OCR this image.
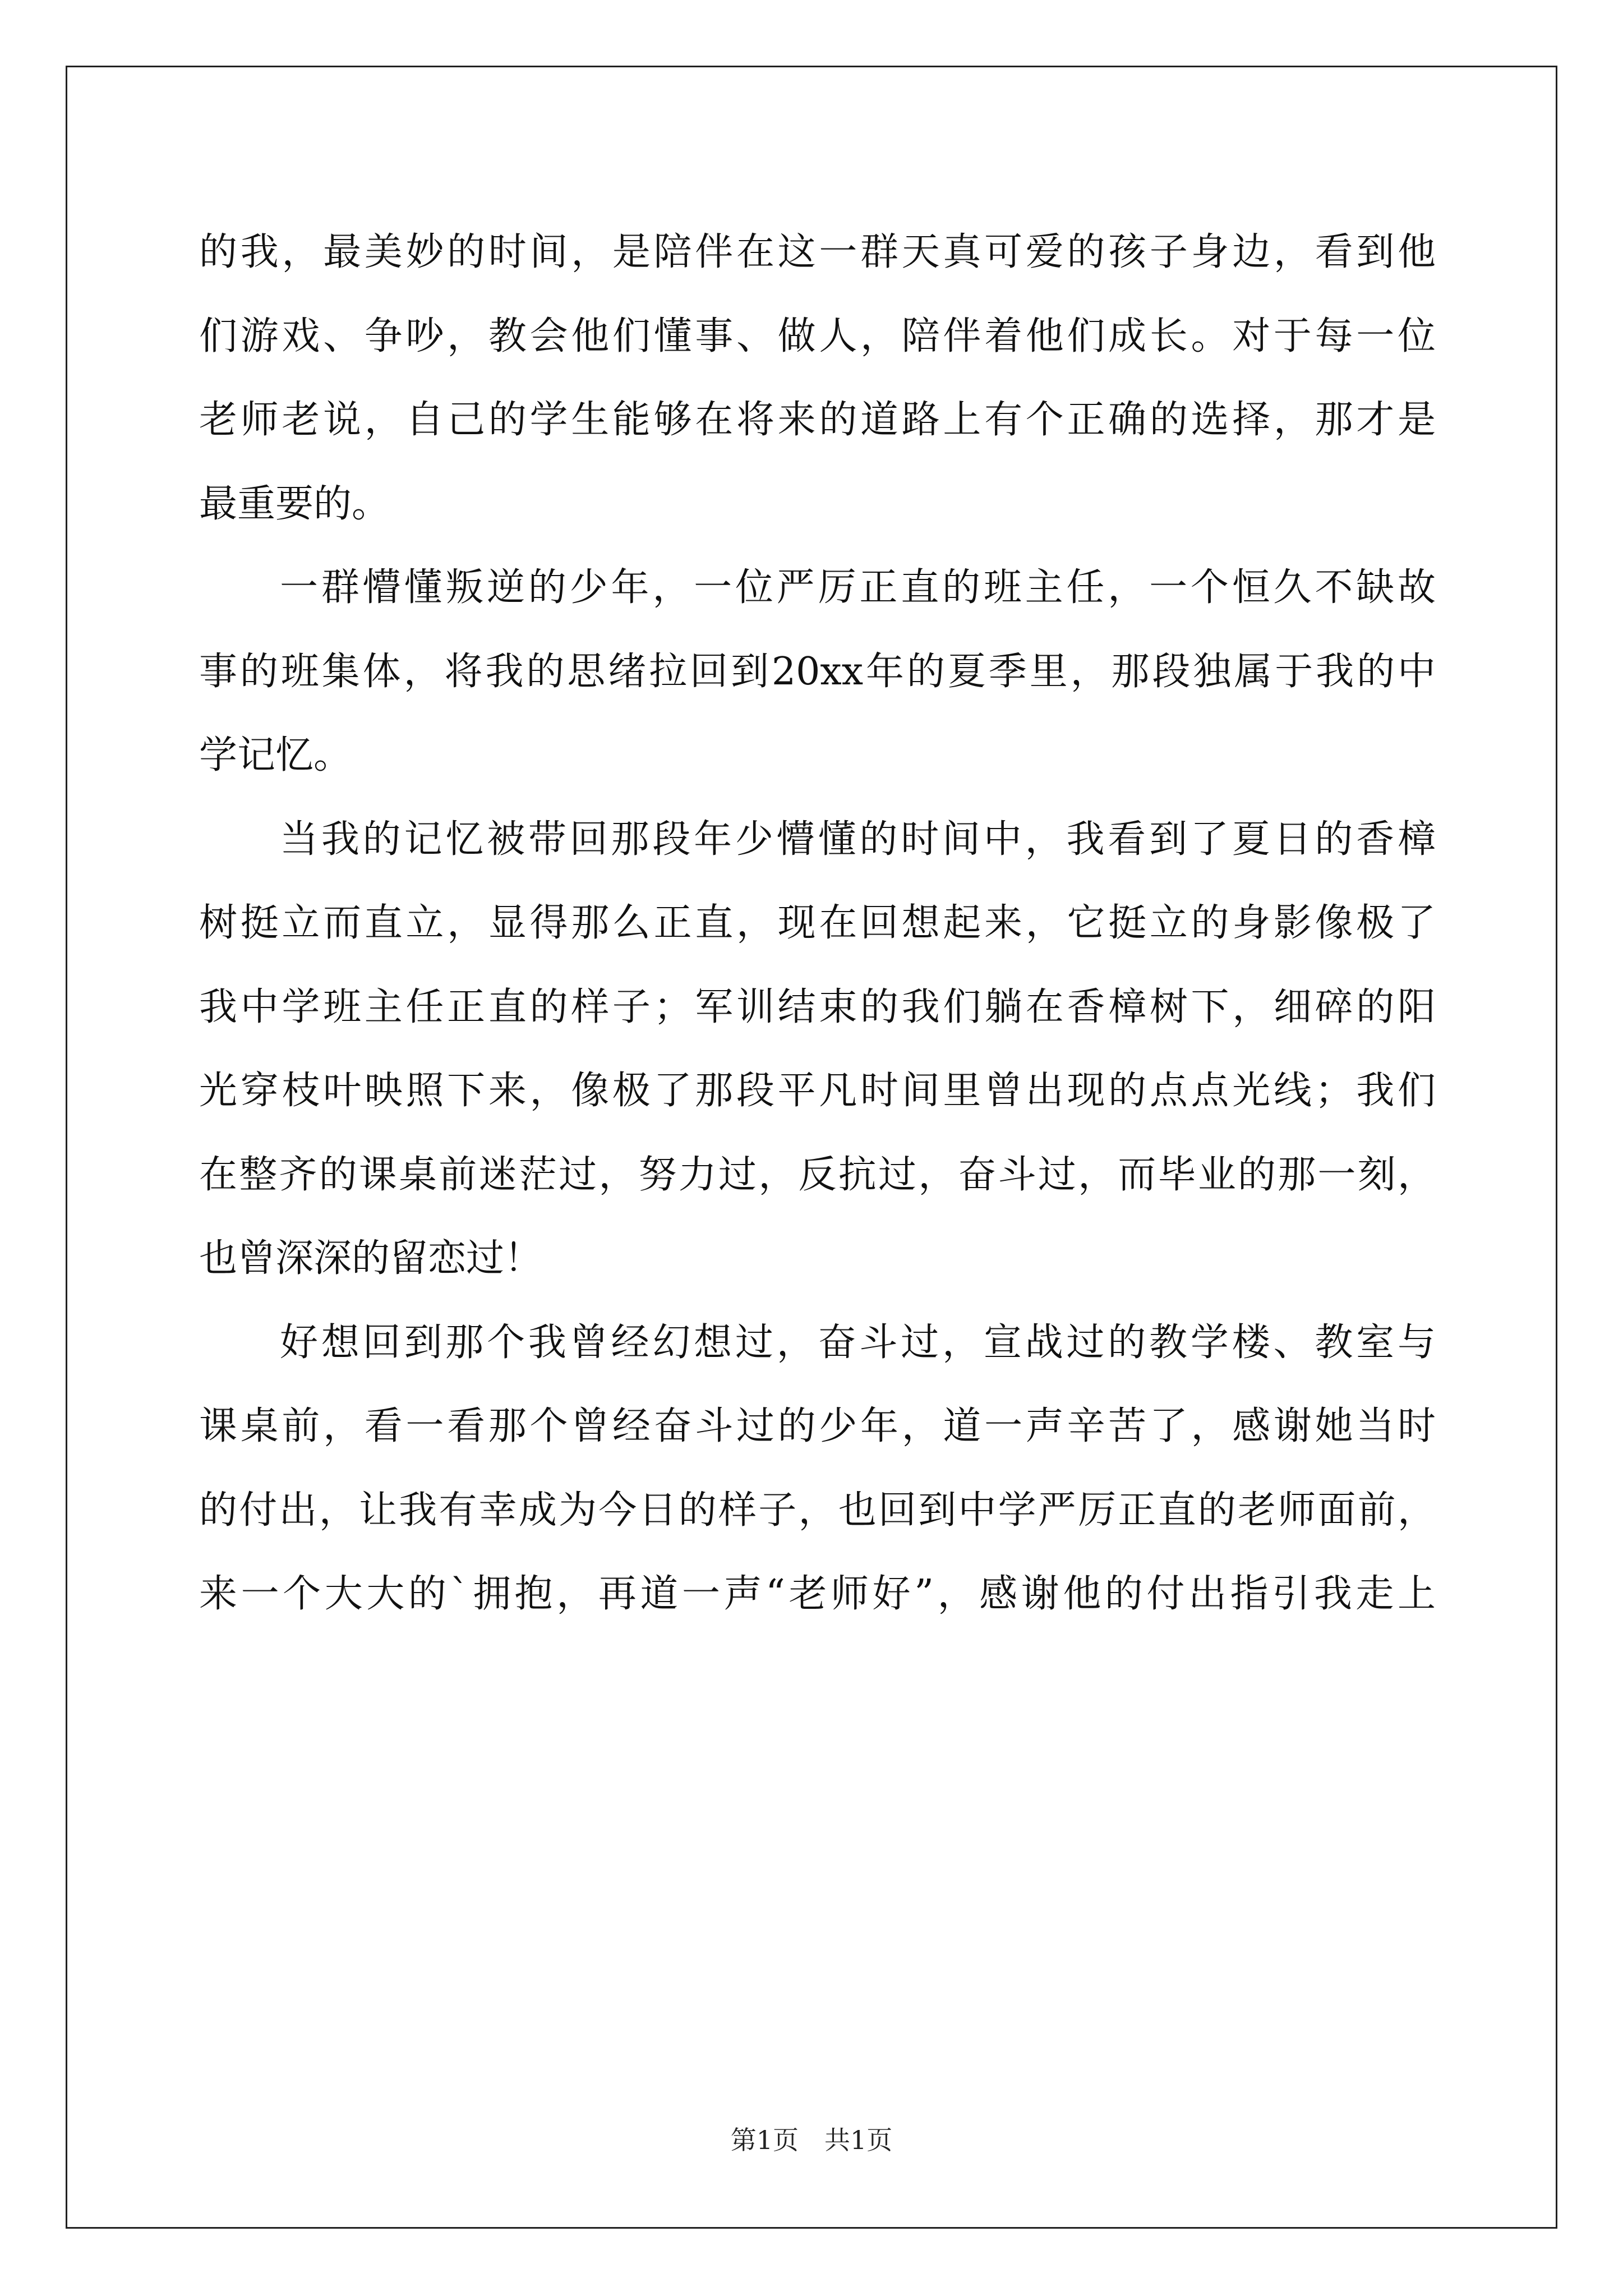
的我，最美妙的时间，是陪伴在这一群天真可爱的孩子身边，看到他
们游戏、争吵，教会他们懂事、做人，陪伴着他们成长。对于每一位
老师老说，自己的学生能够在将来的道路上有个正确的选择，那才是
最重要的。
一群懵懂叛逆的少年，一位严厉正直的班主任，一个恒久不缺故
事的班集体，将我的思绪拉回到20xx年的夏季里，那段独属于我的中
学记忆。
当我的记忆被带回那段年少懵懂的时间中，我看到了夏日的香樟
树挺立而直立，显得那么正直，现在回想起来，它挺立的身影像极了
我中学班主任正直的样子；军训结束的我们躺在香樟树下，细碎的阳
光穿枝叶映照下来，像极了那段平凡时间里曾出现的点点光线；我们
在整齐的课桌前迷茫过，努力过，反抗过，奋斗过，而毕业的那一刻，
也曾深深的留恋过！
好想回到那个我曾经幻想过，奋斗过，宣战过的教学楼、教室与
课桌前，看一看那个曾经奋斗过的少年，道一声辛苦了，感谢她当时
的付出，让我有幸成为今日的样子，也回到中学严厉正直的老师面前，
来一个大大的`拥抱，再道一声“老师好”，感谢他的付出指引我走上
第1页　共1页
